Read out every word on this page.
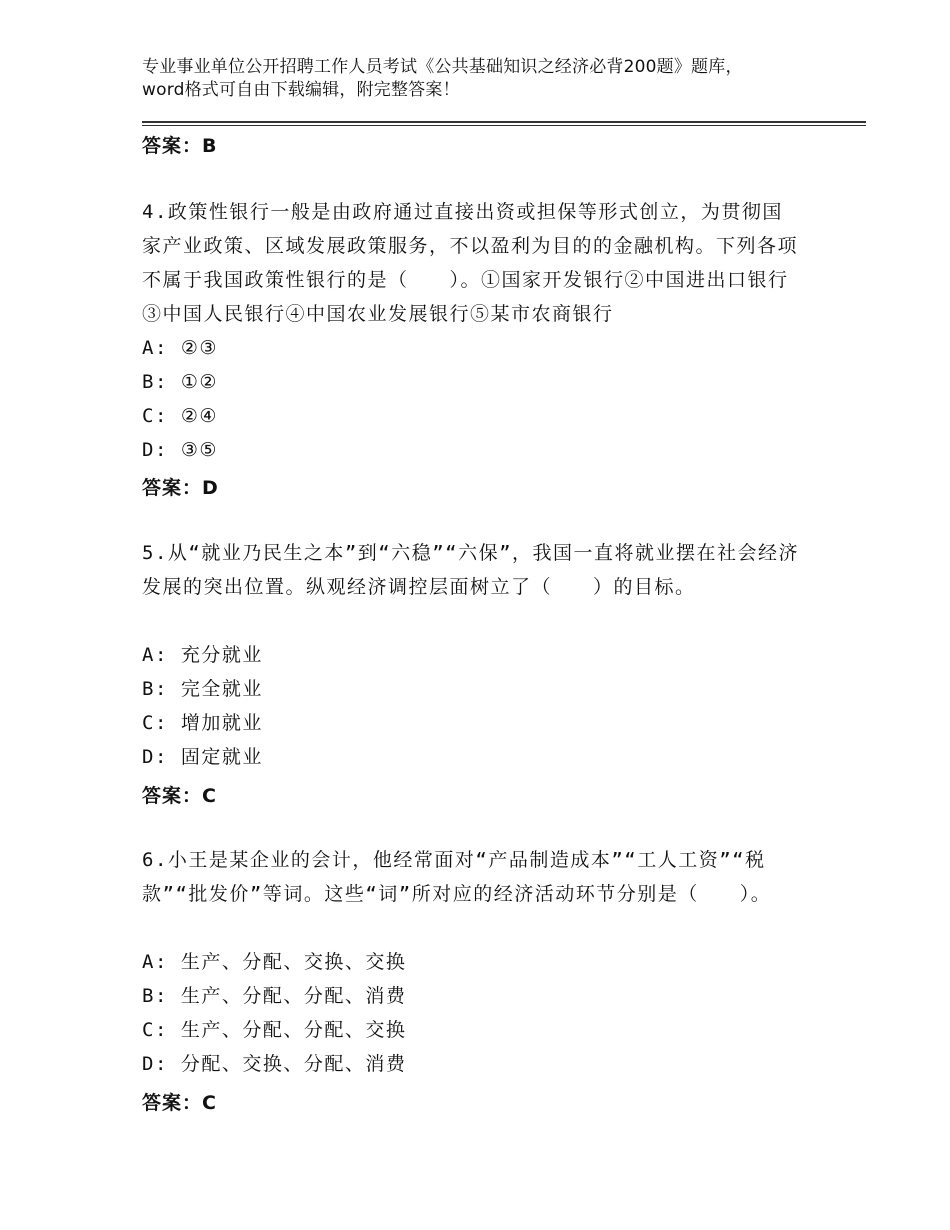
专业事业单位公开招聘工作人员考试《公共基础知识之经济必背200题》题库，word格式可自由下载编辑，附完整答案！
答案：B
4.政策性银行一般是由政府通过直接出资或担保等形式创立，为贯彻国家产业政策、区域发展政策服务，不以盈利为目的的金融机构。下列各项不属于我国政策性银行的是（　　）。①国家开发银行②中国进出口银行③中国人民银行④中国农业发展银行⑤某市农商银行
A: ②③
B: ①②
C: ②④
D: ③⑤
答案：D
5.从“就业乃民生之本”到“六稳”“六保”，我国一直将就业摆在社会经济发展的突出位置。纵观经济调控层面树立了（　　）的目标。
A: 充分就业
B: 完全就业
C: 增加就业
D: 固定就业
答案：C
6.小王是某企业的会计，他经常面对“产品制造成本”“工人工资”“税款”“批发价”等词。这些“词”所对应的经济活动环节分别是（　　）。
A: 生产、分配、交换、交换
B: 生产、分配、分配、消费
C: 生产、分配、分配、交换
D: 分配、交换、分配、消费
答案：C
